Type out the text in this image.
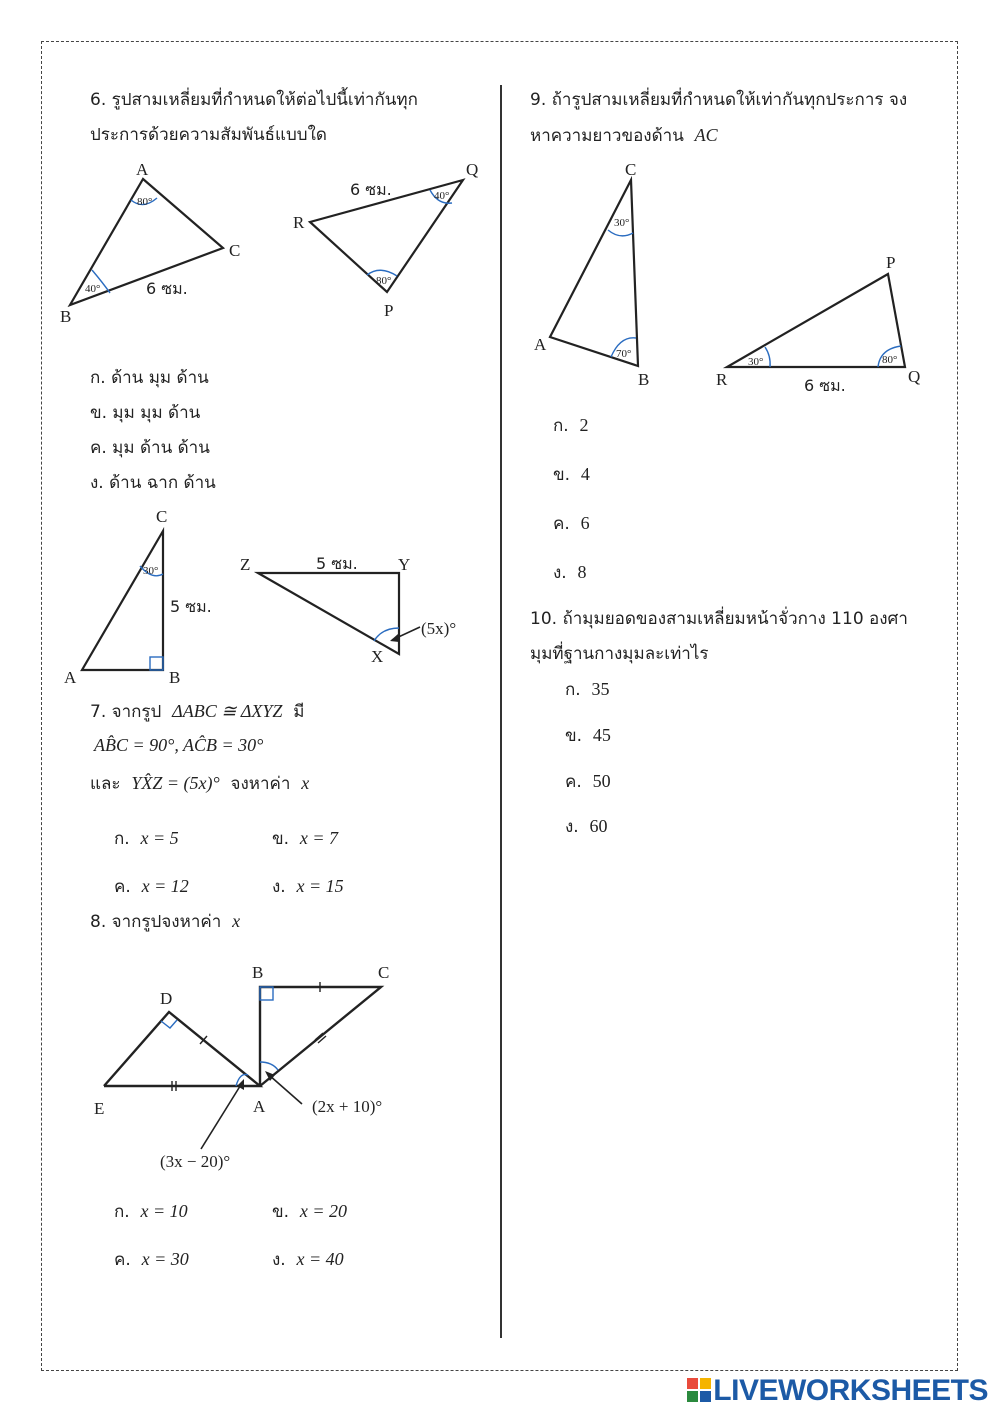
6. รูปสามเหลี่ยมที่กำหนดให้ต่อไปนี้เท่ากันทุก
ประการด้วยความสัมพันธ์แบบใด
A
B
C
80°
40°	6 ซม.
Q
R
P
40°
80°
6 ซม.
C
A	B
30°
5 ซม.
Z	Y
X
5 ซม.
(5x)°
B	C
D
E	A	(2x + 10)°
(3x − 20)°
C
A
B
30°
70°
P
R	Q
30°	80°
6 ซม.
ก. ด้าน มุม ด้าน
ข. มุม มุม ด้าน
ค. มุม ด้าน ด้าน
ง. ด้าน ฉาก ด้าน
7. จากรูป ΔABC ≅ ΔXYZ มี
AB̂C = 90°, AĈB = 30°
และ YX̂Z = (5x)° จงหาค่า x
ก. x = 5	ข. x = 7
ค. x = 12	ง. x = 15
8. จากรูปจงหาค่า x
ก. x = 10	ข. x = 20
ค. x = 30	ง. x = 40
9. ถ้ารูปสามเหลี่ยมที่กำหนดให้เท่ากันทุกประการ จง
หาความยาวของด้าน AC
ก. 2
ข. 4
ค. 6
ง. 8
10. ถ้ามุมยอดของสามเหลี่ยมหน้าจั่วกาง 110 องศา
มุมที่ฐานกางมุมละเท่าไร
ก. 35
ข. 45
ค. 50
ง. 60
LIVEWORKSHEETS
